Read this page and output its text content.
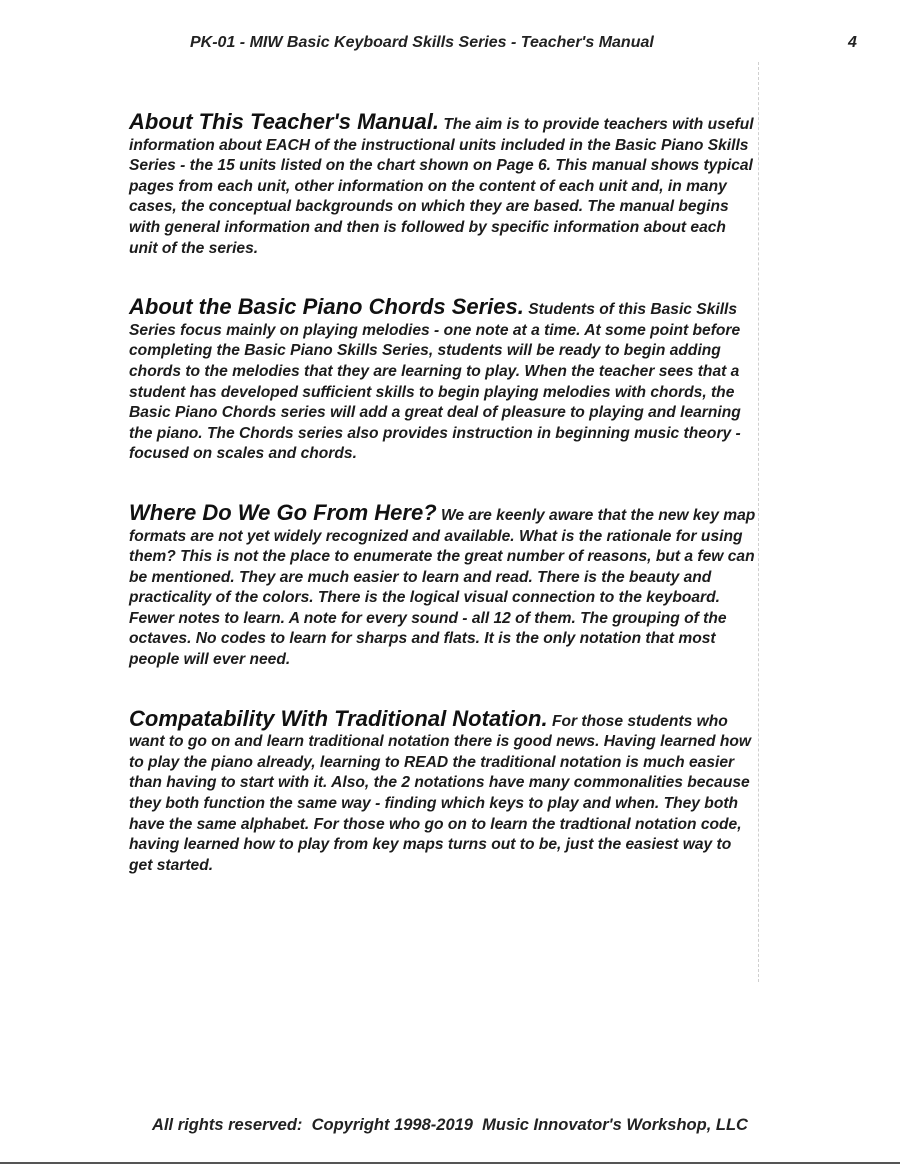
PK-01 - MIW Basic Keyboard Skills Series - Teacher's Manual	4

About This Teacher's Manual. The aim is to provide teachers with useful information about EACH of the instructional units included in the Basic Piano Skills Series - the 15 units listed on the chart shown on Page 6. This manual shows typical pages from each unit, other information on the content of each unit and, in many cases, the conceptual backgrounds on which they are based. The manual begins with general information and then is followed by specific information about each unit of the series.

About the Basic Piano Chords Series. Students of this Basic Skills Series focus mainly on playing melodies - one note at a time. At some point before completing the Basic Piano Skills Series, students will be ready to begin adding chords to the melodies that they are learning to play. When the teacher sees that a student has developed sufficient skills to begin playing melodies with chords, the Basic Piano Chords series will add a great deal of pleasure to playing and learning the piano. The Chords series also provides instruction in beginning music theory - focused on scales and chords.

Where Do We Go From Here? We are keenly aware that the new key map formats are not yet widely recognized and available. What is the rationale for using them? This is not the place to enumerate the great number of reasons, but a few can be mentioned. They are much easier to learn and read. There is the beauty and practicality of the colors. There is the logical visual connection to the keyboard. Fewer notes to learn. A note for every sound - all 12 of them. The grouping of the octaves. No codes to learn for sharps and flats. It is the only notation that most people will ever need.

Compatability With Traditional Notation. For those students who want to go on and learn traditional notation there is good news. Having learned how to play the piano already, learning to READ the traditional notation is much easier than having to start with it. Also, the 2 notations have many commonalities because they both function the same way - finding which keys to play and when. They both have the same alphabet. For those who go on to learn the tradtional notation code, having learned how to play from key maps turns out to be, just the easiest way to get started.

All rights reserved:  Copyright 1998-2019  Music Innovator's Workshop, LLC
